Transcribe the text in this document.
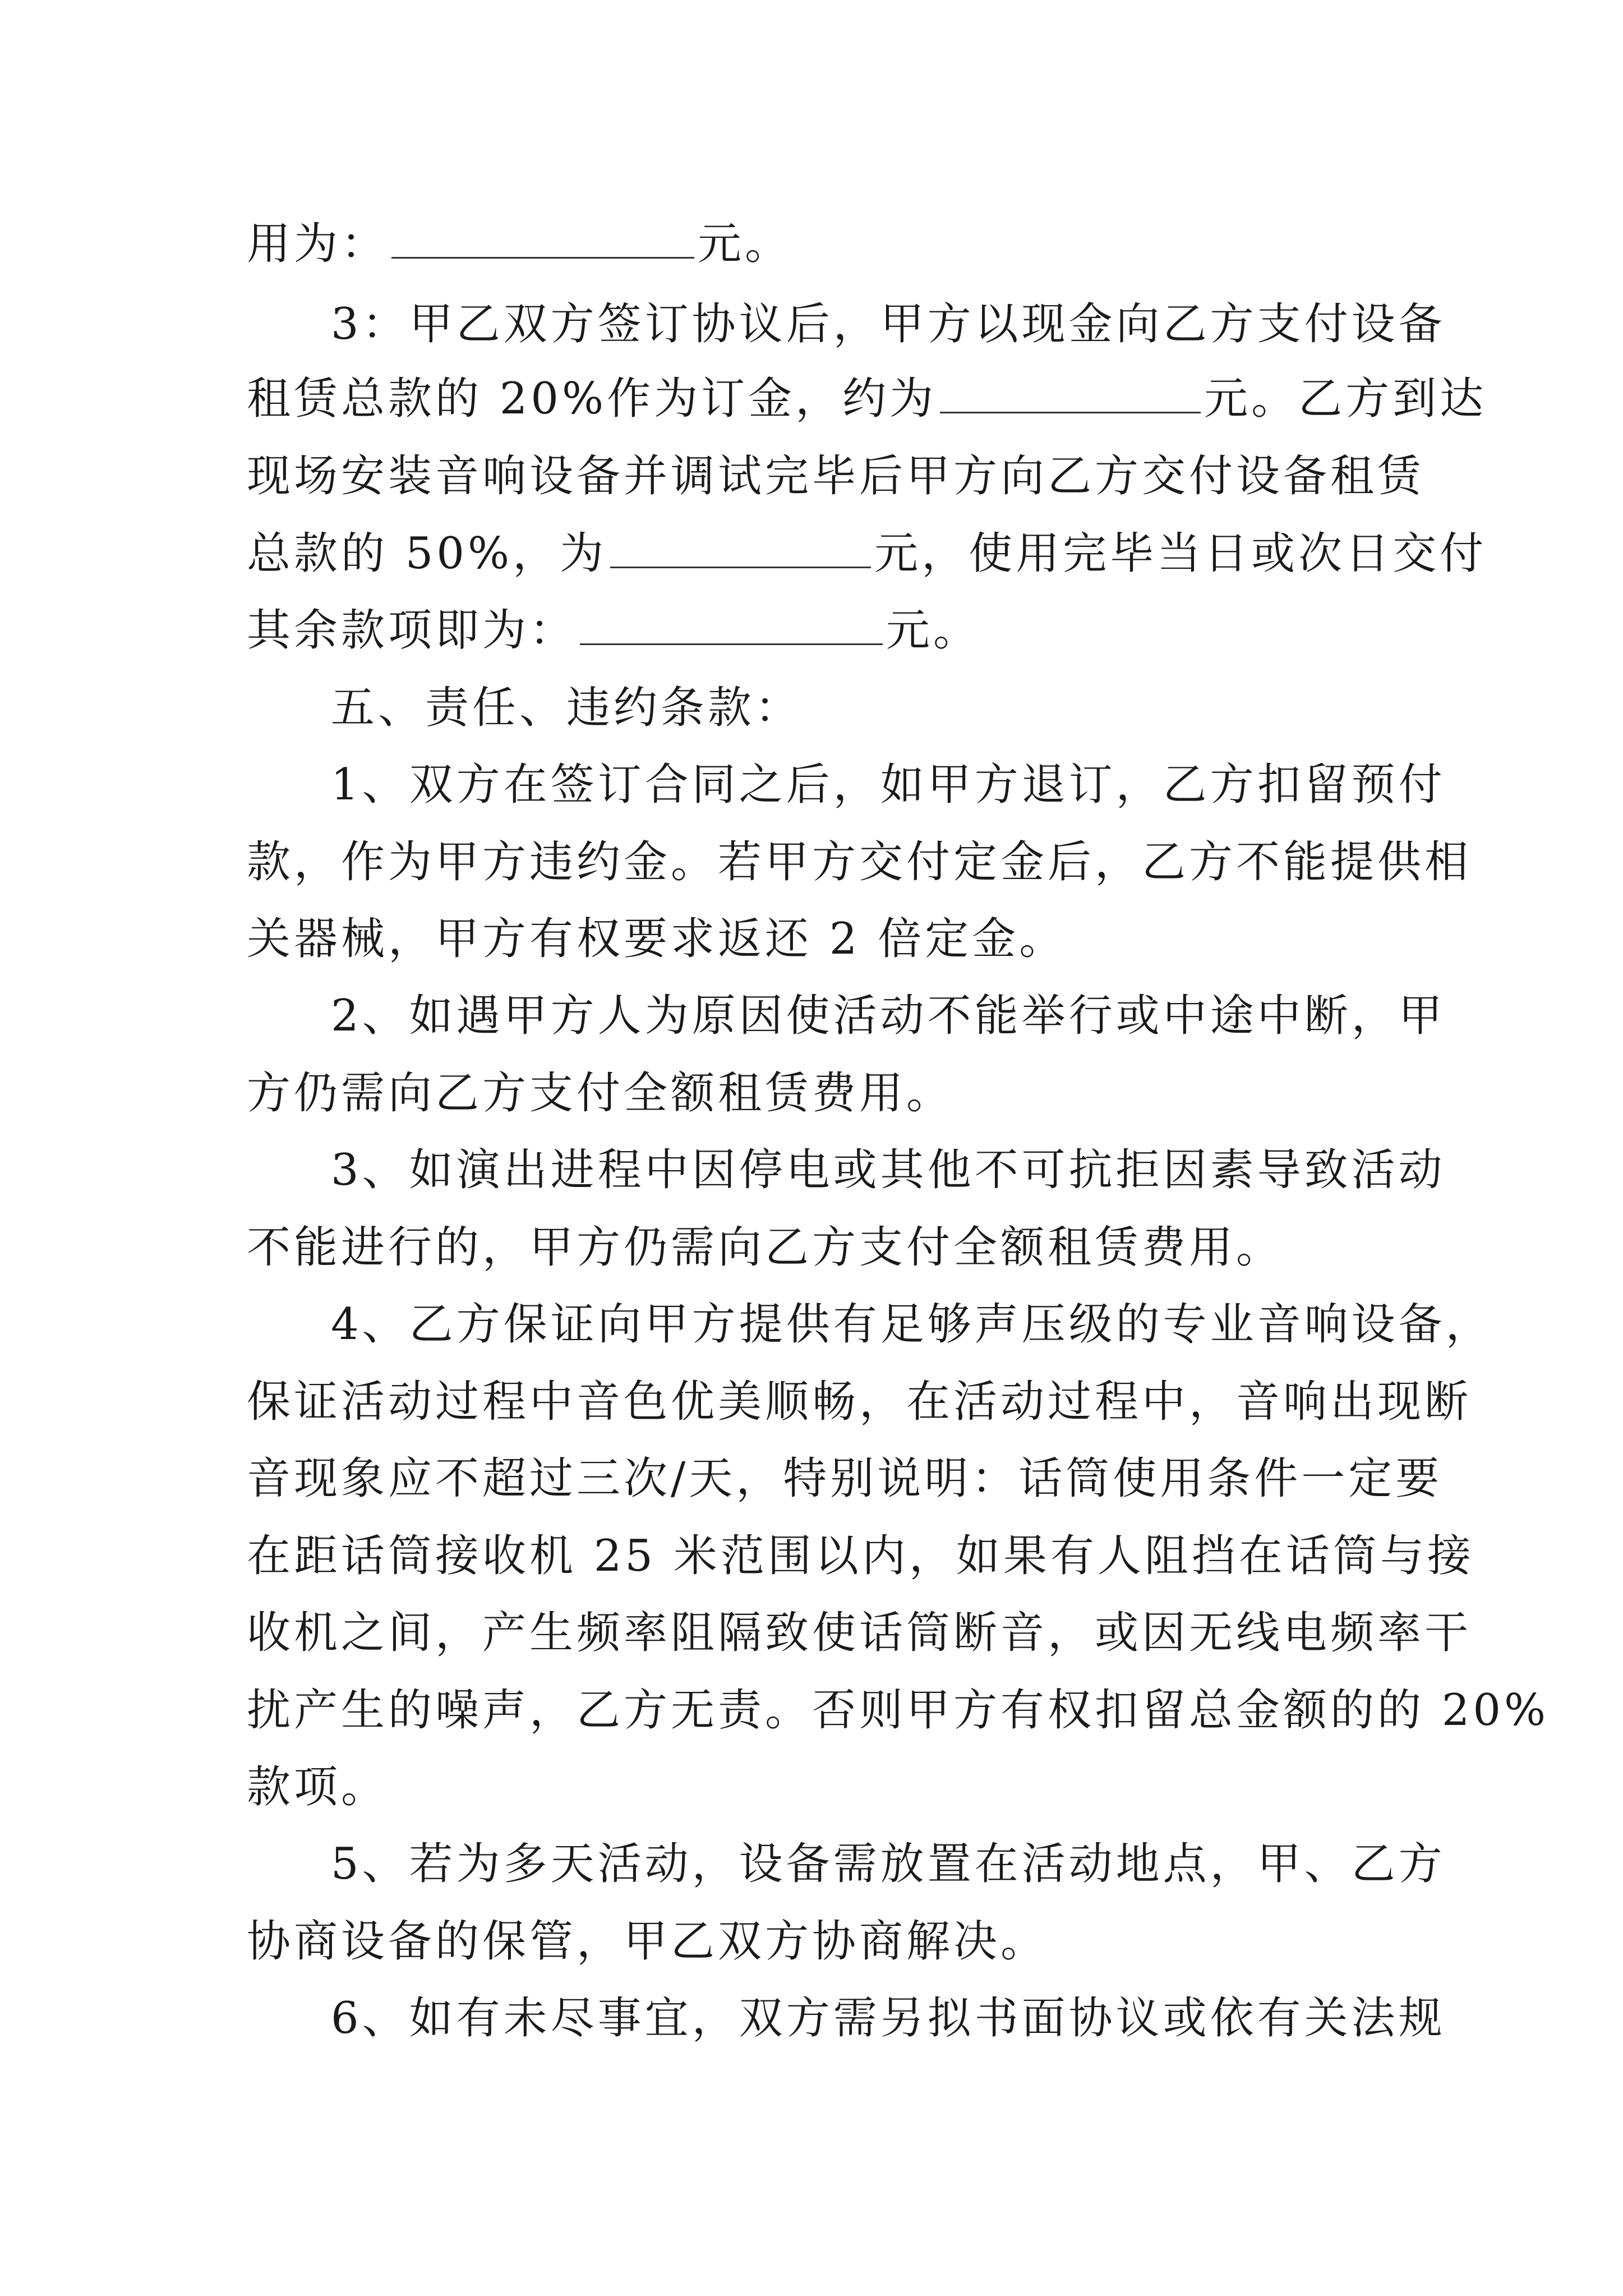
用为：	元。
3：甲乙双方签订协议后，甲方以现金向乙方支付设备
租赁总款的 20%作为订金，约为	元。乙方到达
现场安装音响设备并调试完毕后甲方向乙方交付设备租赁
总款的 50%，为	元，使用完毕当日或次日交付
其余款项即为：	元。
五、责任、违约条款：
1、双方在签订合同之后，如甲方退订，乙方扣留预付
款，作为甲方违约金。若甲方交付定金后，乙方不能提供相
关器械，甲方有权要求返还 2 倍定金。
2、如遇甲方人为原因使活动不能举行或中途中断，甲
方仍需向乙方支付全额租赁费用。
3、如演出进程中因停电或其他不可抗拒因素导致活动
不能进行的，甲方仍需向乙方支付全额租赁费用。
4、乙方保证向甲方提供有足够声压级的专业音响设备，
保证活动过程中音色优美顺畅，在活动过程中，音响出现断
音现象应不超过三次/天，特别说明：话筒使用条件一定要
在距话筒接收机 25 米范围以内，如果有人阻挡在话筒与接
收机之间，产生频率阻隔致使话筒断音，或因无线电频率干
扰产生的噪声，乙方无责。否则甲方有权扣留总金额的的 20%
款项。
5、若为多天活动，设备需放置在活动地点，甲、乙方
协商设备的保管，甲乙双方协商解决。
6、如有未尽事宜，双方需另拟书面协议或依有关法规
